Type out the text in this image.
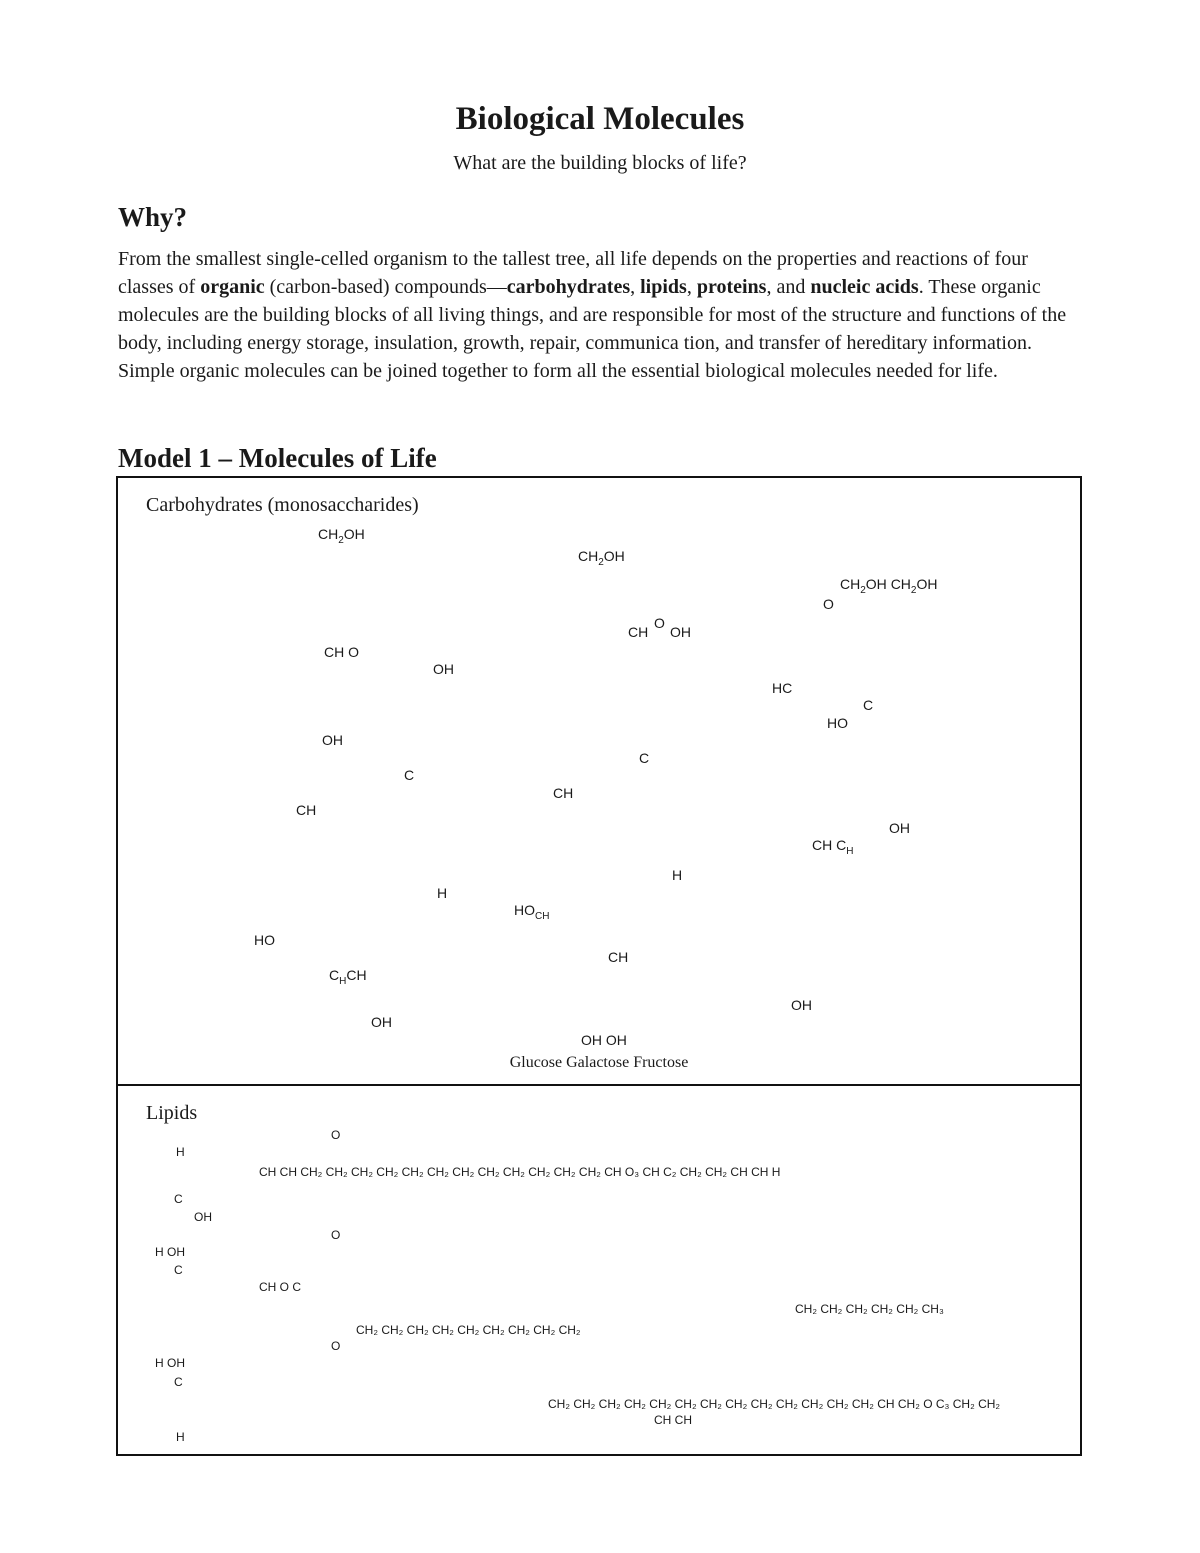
Biological Molecules
What are the building blocks of life?
Why?
From the smallest single-celled organism to the tallest tree, all life depends on the properties and reactions of four classes of organic (carbon-based) compounds—carbohydrates, lipids, proteins, and nucleic acids. These organic molecules are the building blocks of all living things, and are responsible for most of the structure and functions of the body, including energy storage, insulation, growth, repair, communica tion, and transfer of hereditary information. Simple organic molecules can be joined together to form all the essential biological molecules needed for life.
Model 1 – Molecules of Life
Carbohydrates (monosaccharides)
$CH_2OH$
$CH_2OH$
$CH_2OH$ $CH_2OH$
O
CH O
OH
CH
O
OH
HC
C
HO
OH
C
C
CH
CH
OH
CH $C_H$
H
H
$HO_{CH}$
HO
CH
$C_HCH$
OH
OH
OH OH
Glucose Galactose Fructose
Lipids
O
H
CH CH CH₂ CH₂ CH₂ CH₂ CH₂ CH₂ CH₂ CH₂ CH₂ CH₂ CH₂ CH₂ CH O₃ CH C₂ CH₂ CH₂ CH CH H
C
OH
O
H OH
C
CH O C
CH₂ CH₂ CH₂ CH₂ CH₂ CH₃
CH₂ CH₂ CH₂ CH₂ CH₂ CH₂ CH₂ CH₂ CH₂
O
H OH
C
CH₂ CH₂ CH₂ CH₂ CH₂ CH₂ CH₂ CH₂ CH₂ CH₂ CH₂ CH₂ CH₂ CH CH₂ O C₃ CH₂ CH₂
CH CH
H
